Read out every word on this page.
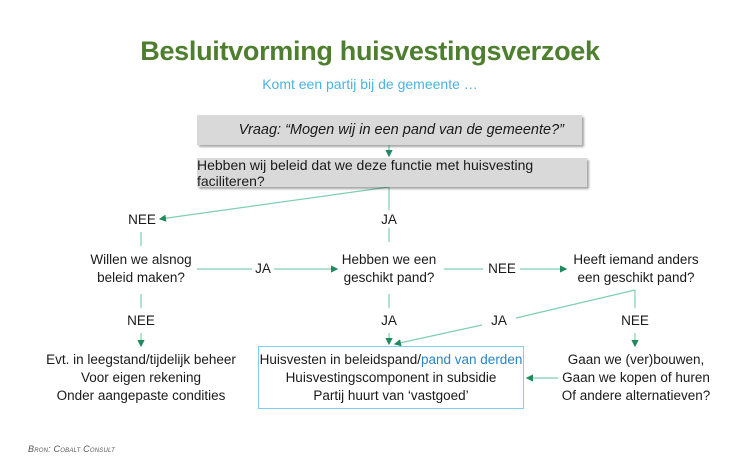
Besluitvorming huisvestingsverzoek
Komt een partij bij de gemeente …
Vraag: “Mogen wij in een pand van de gemeente?”
Hebben wij beleid dat we deze functie met huisvesting faciliteren?
NEE	JA
Willen we alsnog
beleid maken?
JA
Hebben we een
geschikt pand?
NEE
Heeft iemand anders
een geschikt pand?
NEE	JA	JA	NEE
Evt. in leegstand/tijdelijk beheer
Voor eigen rekening
Onder aangepaste condities
Huisvesten in beleidspand/pand van derden
Huisvestingscomponent in subsidie
Partij huurt van ‘vastgoed’
Gaan we (ver)bouwen,
Gaan we kopen of huren
Of andere alternatieven?
Bron: Cobalt Consult
